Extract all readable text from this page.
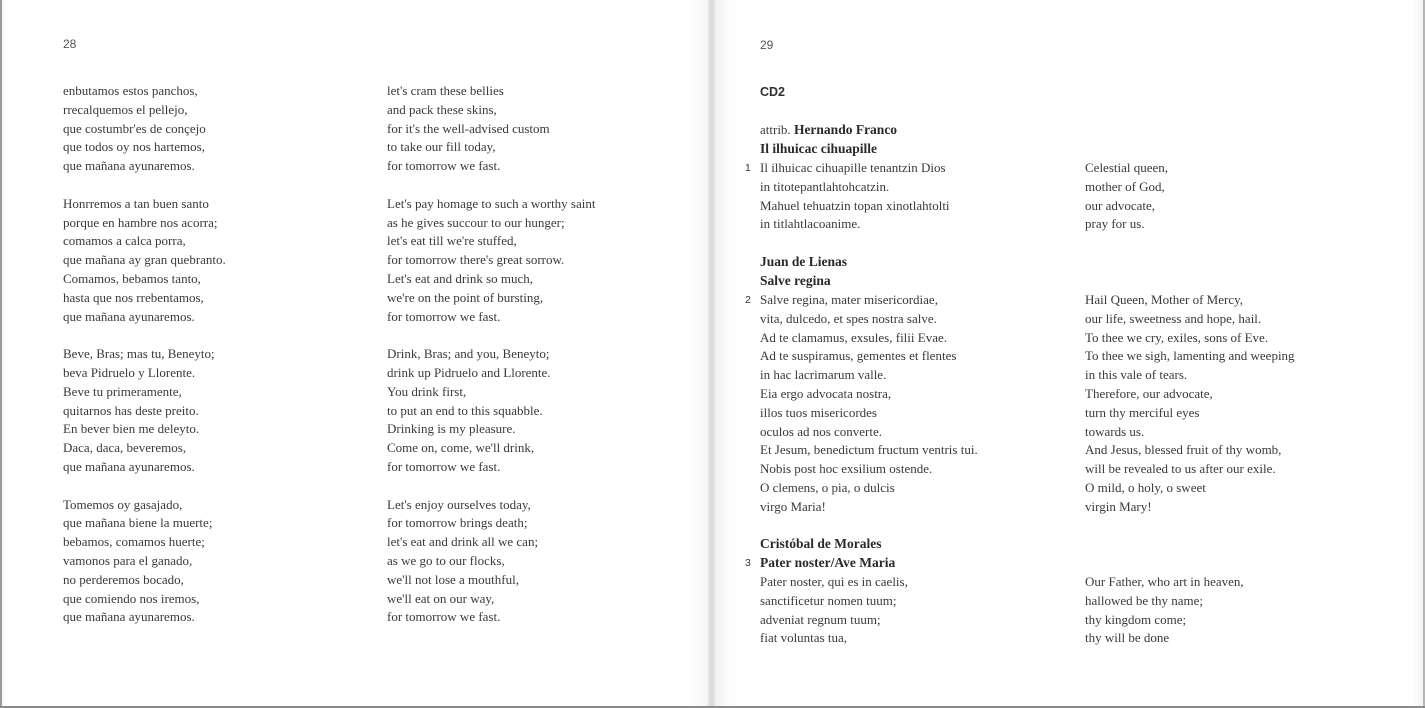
28
enbutamos estos panchos,
rrecalquemos el pellejo,
que costumbr'es de conçejo
que todos oy nos hartemos,
que mañana ayunaremos.
Honrremos a tan buen santo
porque en hambre nos acorra;
comamos a calca porra,
que mañana ay gran quebranto.
Comamos, bebamos tanto,
hasta que nos rrebentamos,
que mañana ayunaremos.
Beve, Bras; mas tu, Beneyto;
beva Pidruelo y Llorente.
Beve tu primeramente,
quitarnos has deste preito.
En bever bien me deleyto.
Daca, daca, beveremos,
que mañana ayunaremos.
Tomemos oy gasajado,
que mañana biene la muerte;
bebamos, comamos huerte;
vamonos para el ganado,
no perderemos bocado,
que comiendo nos iremos,
que mañana ayunaremos.
let's cram these bellies
and pack these skins,
for it's the well-advised custom
to take our fill today,
for tomorrow we fast.
Let's pay homage to such a worthy saint
as he gives succour to our hunger;
let's eat till we're stuffed,
for tomorrow there's great sorrow.
Let's eat and drink so much,
we're on the point of bursting,
for tomorrow we fast.
Drink, Bras; and you, Beneyto;
drink up Pidruelo and Llorente.
You drink first,
to put an end to this squabble.
Drinking is my pleasure.
Come on, come, we'll drink,
for tomorrow we fast.
Let's enjoy ourselves today,
for tomorrow brings death;
let's eat and drink all we can;
as we go to our flocks,
we'll not lose a mouthful,
we'll eat on our way,
for tomorrow we fast.
29
CD2
attrib. Hernando Franco
Il ilhuicac cihuapille
1 Il ilhuicac cihuapille tenantzin Dios
in titotepantlahtohcatzin.
Mahuel tehuatzin topan xinotlahtolti
in titlahtlacoanime.
Celestial queen,
mother of God,
our advocate,
pray for us.
Juan de Lienas
Salve regina
2 Salve regina, mater misericordiae,
vita, dulcedo, et spes nostra salve.
Ad te clamamus, exsules, filii Evae.
Ad te suspiramus, gementes et flentes
in hac lacrimarum valle.
Eia ergo advocata nostra,
illos tuos misericordes
oculos ad nos converte.
Et Jesum, benedictum fructum ventris tui.
Nobis post hoc exsilium ostende.
O clemens, o pia, o dulcis
virgo Maria!
Hail Queen, Mother of Mercy,
our life, sweetness and hope, hail.
To thee we cry, exiles, sons of Eve.
To thee we sigh, lamenting and weeping
in this vale of tears.
Therefore, our advocate,
turn thy merciful eyes
towards us.
And Jesus, blessed fruit of thy womb,
will be revealed to us after our exile.
O mild, o holy, o sweet
virgin Mary!
Cristóbal de Morales
Pater noster/Ave Maria
3
Pater noster, qui es in caelis,
sanctificetur nomen tuum;
adveniat regnum tuum;
fiat voluntas tua,
Our Father, who art in heaven,
hallowed be thy name;
thy kingdom come;
thy will be done
